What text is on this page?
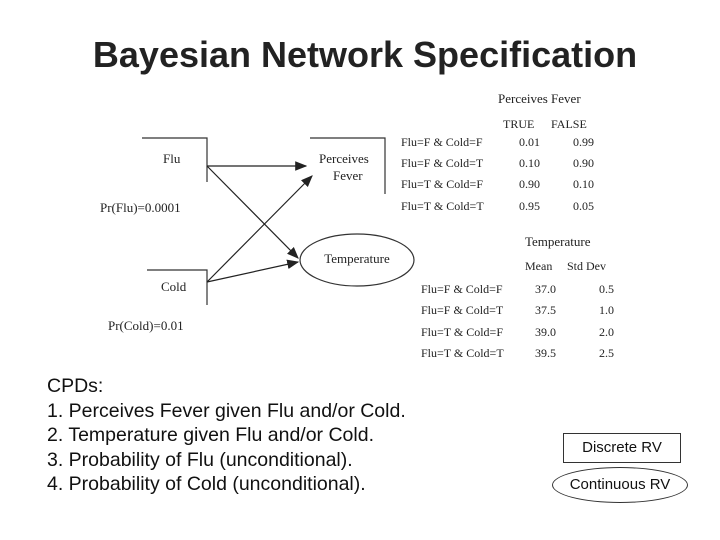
Bayesian Network Specification
Flu
Pr(Flu)=0.0001
Perceives
Fever
Temperature
Cold
Pr(Cold)=0.01
Perceives Fever
TRUE FALSE
Flu=F & Cold=F	0.01	0.99
Flu=F & Cold=T	0.10	0.90
Flu=T & Cold=F	0.90	0.10
Flu=T & Cold=T	0.95	0.05
Temperature
Mean Std Dev
Flu=F & Cold=F	37.0	0.5
Flu=F & Cold=T	37.5	1.0
Flu=T & Cold=F	39.0	2.0
Flu=T & Cold=T	39.5	2.5
CPDs:
1. Perceives Fever given Flu and/or Cold.
2. Temperature given Flu and/or Cold.
3. Probability of Flu (unconditional).
4. Probability of Cold (unconditional).
Discrete RV
Continuous RV
